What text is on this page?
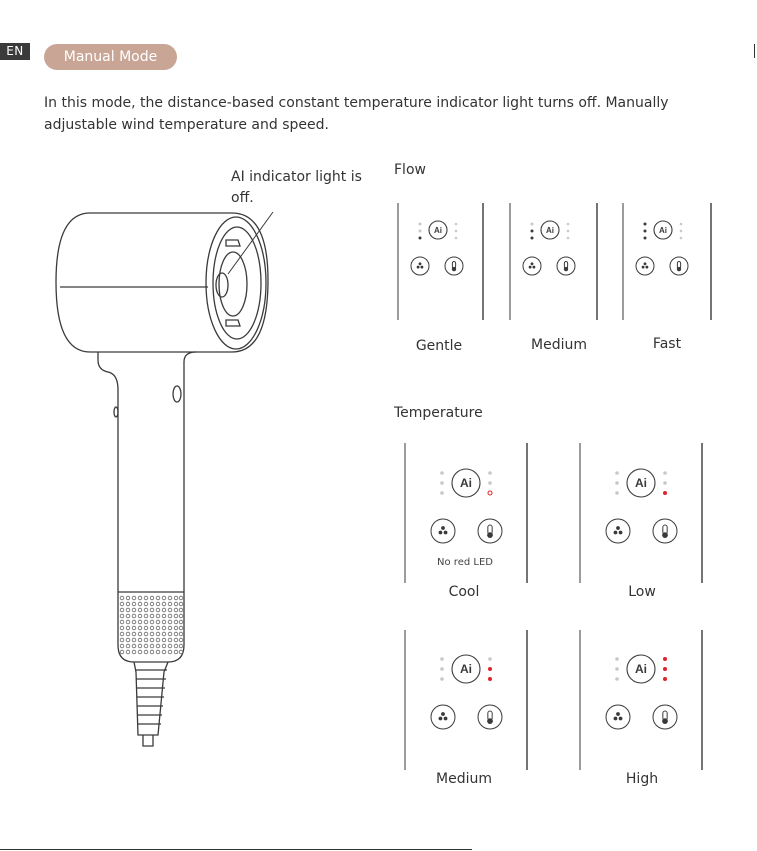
EN	Manual Mode
In this mode, the distance-based constant temperature indicator light turns off. Manually adjustable wind temperature and speed.
AI indicator light is off.
Flow
Temperature
Ai	Ai	Ai
Ai	Ai
Ai	Ai
Gentle	Medium	Fast
No red LED
Cool	Low
Medium	High
